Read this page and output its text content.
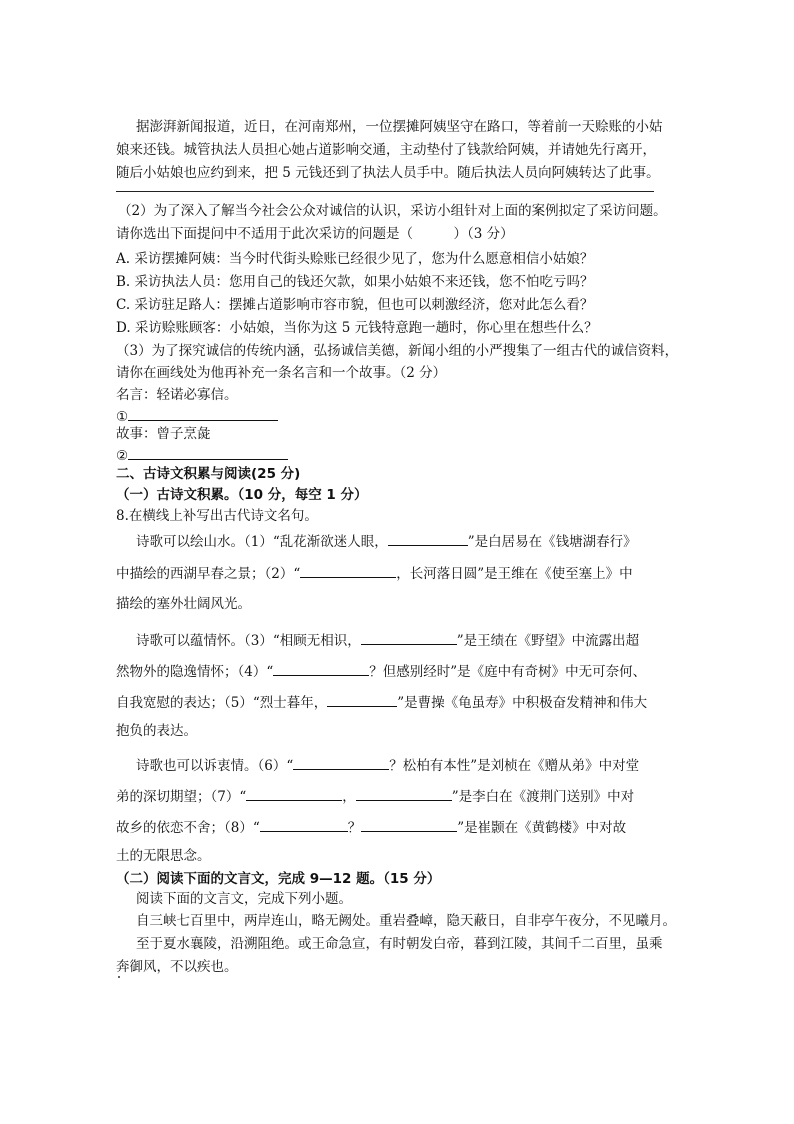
据澎湃新闻报道，近日，在河南郑州，一位摆摊阿姨坚守在路口，等着前一天赊账的小姑
娘来还钱。城管执法人员担心她占道影响交通，主动垫付了钱款给阿姨，并请她先行离开，
随后小姑娘也应约到来，把 5 元钱还到了执法人员手中。随后执法人员向阿姨转达了此事。
（2）为了深入了解当今社会公众对诚信的认识，采访小组针对上面的案例拟定了采访问题。
请你选出下面提问中不适用于此次采访的问题是（　　　）（3 分）
A. 采访摆摊阿姨：当今时代街头赊账已经很少见了，您为什么愿意相信小姑娘？
B. 采访执法人员：您用自己的钱还欠款，如果小姑娘不来还钱，您不怕吃亏吗？
C. 采访驻足路人：摆摊占道影响市容市貌，但也可以刺激经济，您对此怎么看？
D. 采访赊账顾客：小姑娘，当你为这 5 元钱特意跑一趟时，你心里在想些什么？
（3）为了探究诚信的传统内涵，弘扬诚信美德，新闻小组的小严搜集了一组古代的诚信资料，
请你在画线处为他再补充一条名言和一个故事。（2 分）
名言：轻诺必寡信。
①
故事：曾子烹彘
②
二、古诗文积累与阅读(25 分)
（一）古诗文积累。（10 分，每空 1 分）
8.在横线上补写出古代诗文名句。
诗歌可以绘山水。（1）“乱花渐欲迷人眼，	”是白居易在《钱塘湖春行》
中描绘的西湖早春之景；（2）“	，长河落日圆”是王维在《使至塞上》中
描绘的塞外壮阔风光。
诗歌可以蕴情怀。（3）“相顾无相识，	”是王绩在《野望》中流露出超
然物外的隐逸情怀；（4）“	？但感别经时”是《庭中有奇树》中无可奈何、
自我宽慰的表达；（5）“烈士暮年，	”是曹操《龟虽寿》中积极奋发精神和伟大
抱负的表达。
诗歌也可以诉衷情。（6）“	？松柏有本性”是刘桢在《赠从弟》中对堂
弟的深切期望；（7）“	，	”是李白在《渡荆门送别》中对
故乡的依恋不舍；（8）“	？	”是崔颢在《黄鹤楼》中对故
土的无限思念。
（二）阅读下面的文言文，完成 9—12 题。（15 分）
阅读下面的文言文，完成下列小题。
自三峡七百里中，两岸连山，略无阙处。重岩叠嶂，隐天蔽日，自非亭午夜分，不见曦月。
至于夏水襄陵，沿溯阻绝。或王命急宣，有时朝发白帝，暮到江陵，其间千二百里，虽乘
奔御风，不以疾也。
